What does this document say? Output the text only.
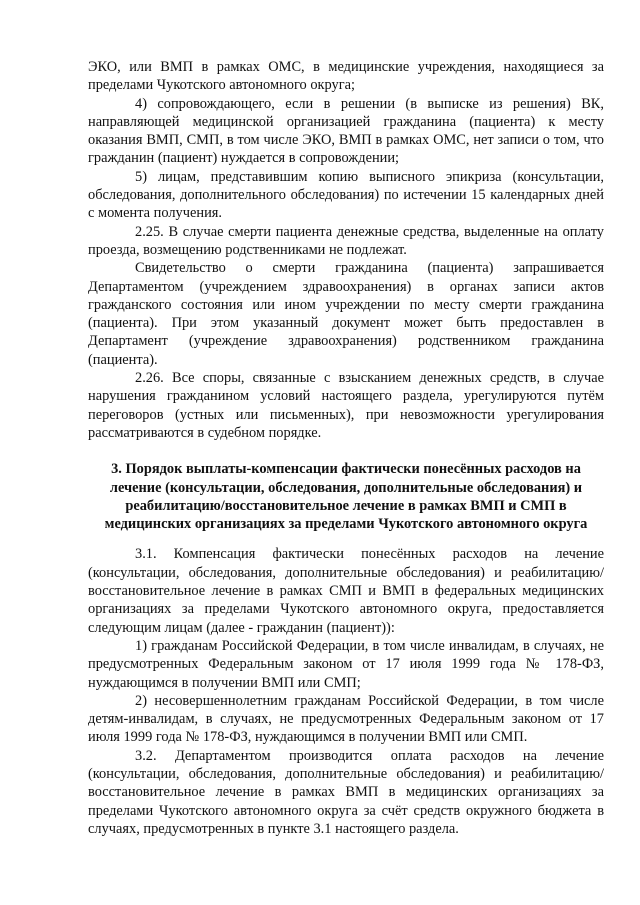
ЭКО, или ВМП в рамках ОМС, в медицинские учреждения, находящиеся за пределами Чукотского автономного округа;

4) сопровождающего, если в решении (в выписке из решения) ВК, направляющей медицинской организацией гражданина (пациента) к месту оказания ВМП, СМП, в том числе ЭКО, ВМП в рамках ОМС, нет записи о том, что гражданин (пациент) нуждается в сопровождении;

5) лицам, представившим копию выписного эпикриза (консультации, обследования, дополнительного обследования) по истечении 15 календарных дней с момента получения.

2.25. В случае смерти пациента денежные средства, выделенные на оплату проезда, возмещению родственниками не подлежат.

Свидетельство о смерти гражданина (пациента) запрашивается Департаментом (учреждением здравоохранения) в органах записи актов гражданского состояния или ином учреждении по месту смерти гражданина (пациента). При этом указанный документ может быть предоставлен в Департамент (учреждение здравоохранения) родственником гражданина (пациента).

2.26. Все споры, связанные с взысканием денежных средств, в случае нарушения гражданином условий настоящего раздела, урегулируются путём переговоров (устных или письменных), при невозможности урегулирования рассматриваются в судебном порядке.

3. Порядок выплаты-компенсации фактически понесённых расходов на лечение (консультации, обследования, дополнительные обследования) и реабилитацию/восстановительное лечение в рамках ВМП и СМП в медицинских организациях за пределами Чукотского автономного округа

3.1. Компенсация фактически понесённых расходов на лечение (консультации, обследования, дополнительные обследования) и реабилитацию/восстановительное лечение в рамках СМП и ВМП в федеральных медицинских организациях за пределами Чукотского автономного округа, предоставляется следующим лицам (далее - гражданин (пациент)):

1) гражданам Российской Федерации, в том числе инвалидам, в случаях, не предусмотренных Федеральным законом от 17 июля 1999 года № 178-ФЗ, нуждающимся в получении ВМП или СМП;

2) несовершеннолетним гражданам Российской Федерации, в том числе детям-инвалидам, в случаях, не предусмотренных Федеральным законом от 17 июля 1999 года № 178-ФЗ, нуждающимся в получении ВМП или СМП.

3.2. Департаментом производится оплата расходов на лечение (консультации, обследования, дополнительные обследования) и реабилитацию/восстановительное лечение в рамках ВМП в медицинских организациях за пределами Чукотского автономного округа за счёт средств окружного бюджета в случаях, предусмотренных в пункте 3.1 настоящего раздела.
